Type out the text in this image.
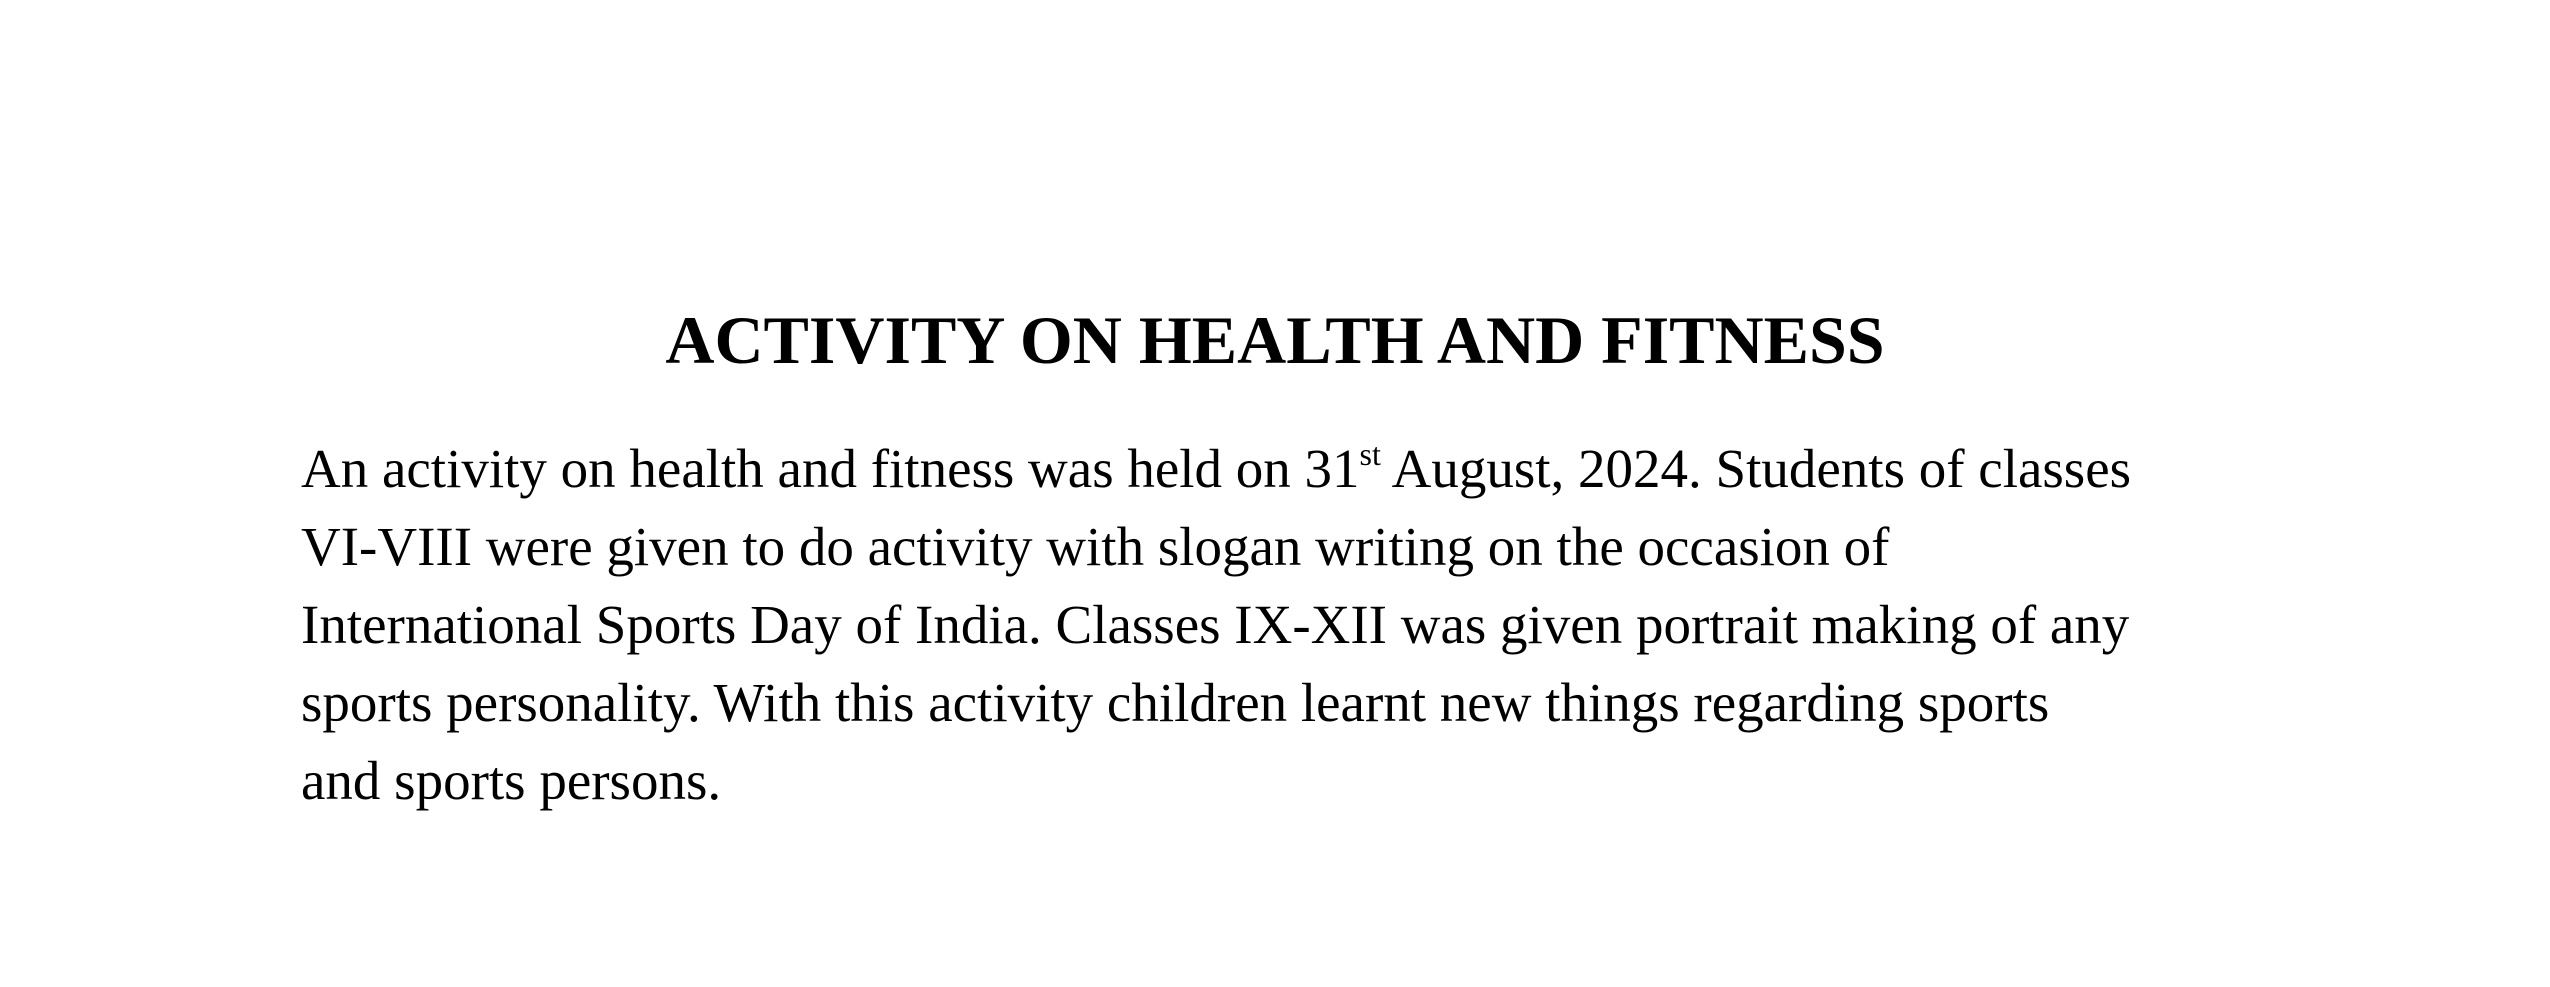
ACTIVITY ON HEALTH AND FITNESS

An activity on health and fitness was held on 31st August, 2024. Students of classes
VI-VIII were given to do activity with slogan writing on the occasion of
International Sports Day of India. Classes IX-XII was given portrait making of any
sports personality. With this activity children learnt new things regarding sports
and sports persons.
